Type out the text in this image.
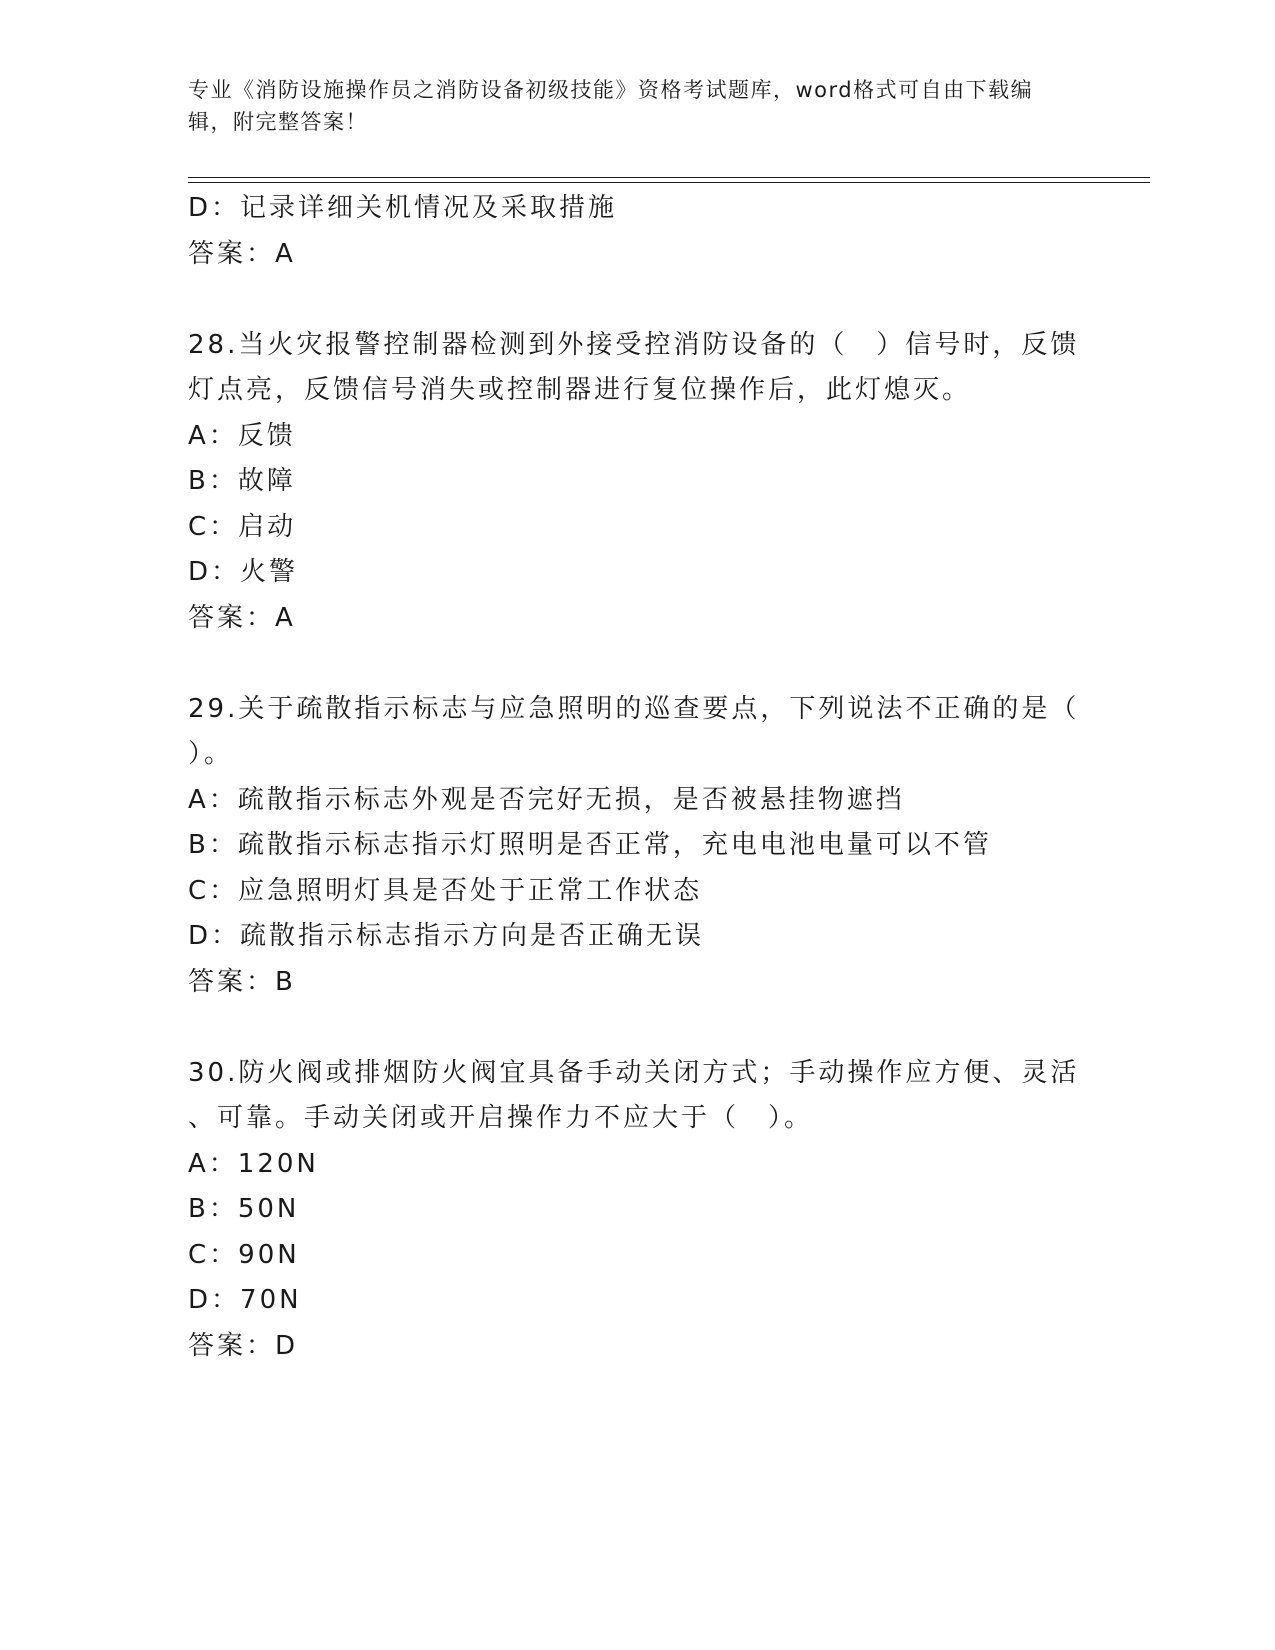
专业《消防设施操作员之消防设备初级技能》资格考试题库，word格式可自由下载编辑，附完整答案！
D：记录详细关机情况及采取措施
答案：A
28.当火灾报警控制器检测到外接受控消防设备的（　）信号时，反馈
灯点亮，反馈信号消失或控制器进行复位操作后，此灯熄灭。
A：反馈
B：故障
C：启动
D：火警
答案：A
29.关于疏散指示标志与应急照明的巡查要点，下列说法不正确的是（
）。
A：疏散指示标志外观是否完好无损，是否被悬挂物遮挡
B：疏散指示标志指示灯照明是否正常，充电电池电量可以不管
C：应急照明灯具是否处于正常工作状态
D：疏散指示标志指示方向是否正确无误
答案：B
30.防火阀或排烟防火阀宜具备手动关闭方式；手动操作应方便、灵活
、可靠。手动关闭或开启操作力不应大于（　）。
A：120N
B：50N
C：90N
D：70N
答案：D
